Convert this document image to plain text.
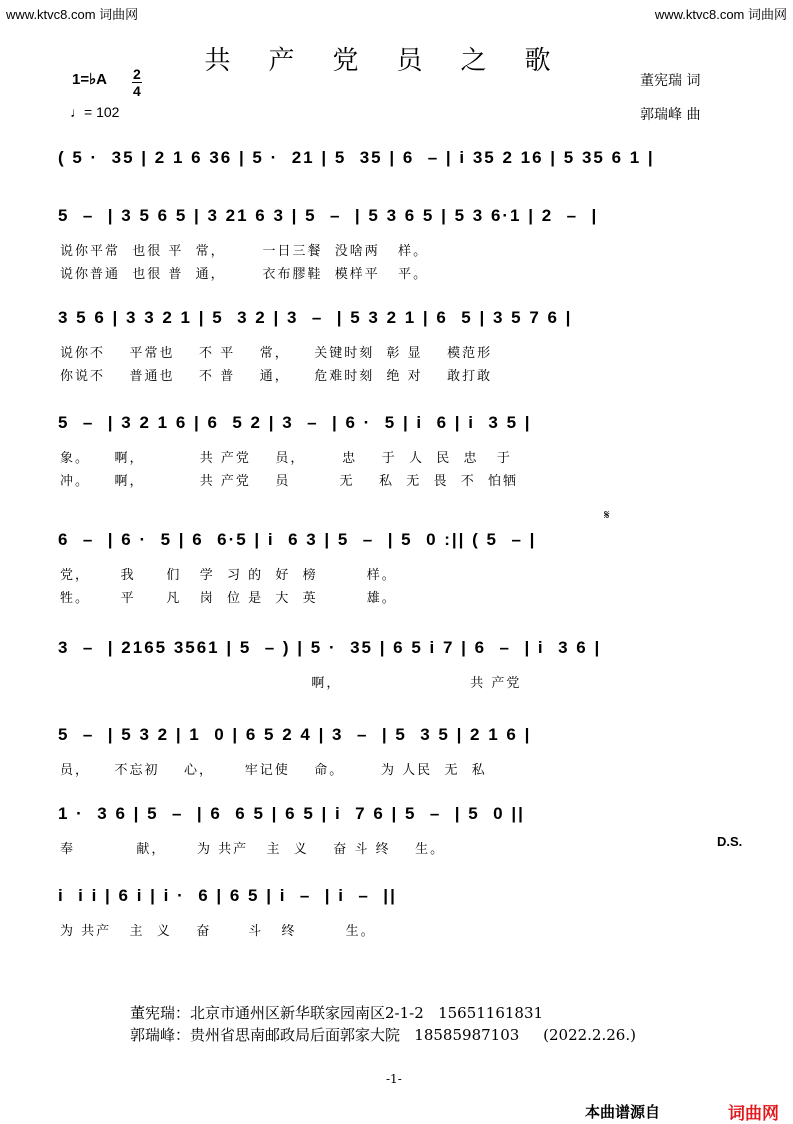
www.ktvc8.com 词曲网	www.ktvc8.com 词曲网
共产党员之歌
1=♭A 2
4
♩= 102
董宪瑞 词
郭瑞峰 曲
( 5 ·  35 | 2 1 6 36 | 5 ·  21 | 5  35 | 6  – | i 35 2 16 | 5 35 6 1 |
5  –  | 3 5 6 5 | 3 21 6 3 | 5  –  | 5 3 6 5 | 5 3 6·1 | 2  –  |
说你平常  也很 平  常，      一日三餐  没啥两   样。
说你普通  也很 普  通，      衣布膠鞋  模样平   平。
3 5 6 | 3 3 2 1 | 5  3 2 | 3  –  | 5 3 2 1 | 6  5 | 3 5 7 6 |
说你不    平常也    不 平    常，    关键时刻  彰 显    模范形
你说不    普通也    不 普    通，    危难时刻  绝 对    敢打敢
5  –  | 3 2 1 6 | 6  5 2 | 3  –  | 6 ·  5 | i  6 | i  3 5 |
象。    啊，         共 产党    员，      忠    于  人  民  忠   于
冲。    啊，         共 产党    员        无    私  无  畏  不  怕牺
6  –  | 6 ·  5 | 6  6·5 | i  6 3 | 5  –  | 5  0 :|| ( 5  – |
党，     我     们   学  习 的  好  榜        样。
牲。     平     凡   岗  位 是  大  英        雄。
3  –  | 2165 3561 | 5  – ) | 5 ·  35 | 6 5 i 7 | 6  –  | i  3 6 |
啊，                     共 产党
5  –  | 5 3 2 | 1  0 | 6 5 2 4 | 3  –  | 5  3 5 | 2 1 6 |
员，    不忘初    心，     牢记使    命。      为 人民  无  私
1 ·  3 6 | 5  –  | 6  6 5 | 6 5 | i  7 6 | 5  –  | 5  0 ||
奉          献，     为 共产   主  义    奋 斗 终    生。
i  i i | 6 i | i ·  6 | 6 5 | i  –  | i  –  ||
为 共产   主  义    奋      斗   终        生。
𝄋
D.S.
董宪瑞：北京市通州区新华联家园南区2-1-2   15651161831
郭瑞峰：贵州省思南邮政局后面郭家大院   18585987103     (2022.2.26.)
-1-
本曲谱源自	词曲网
